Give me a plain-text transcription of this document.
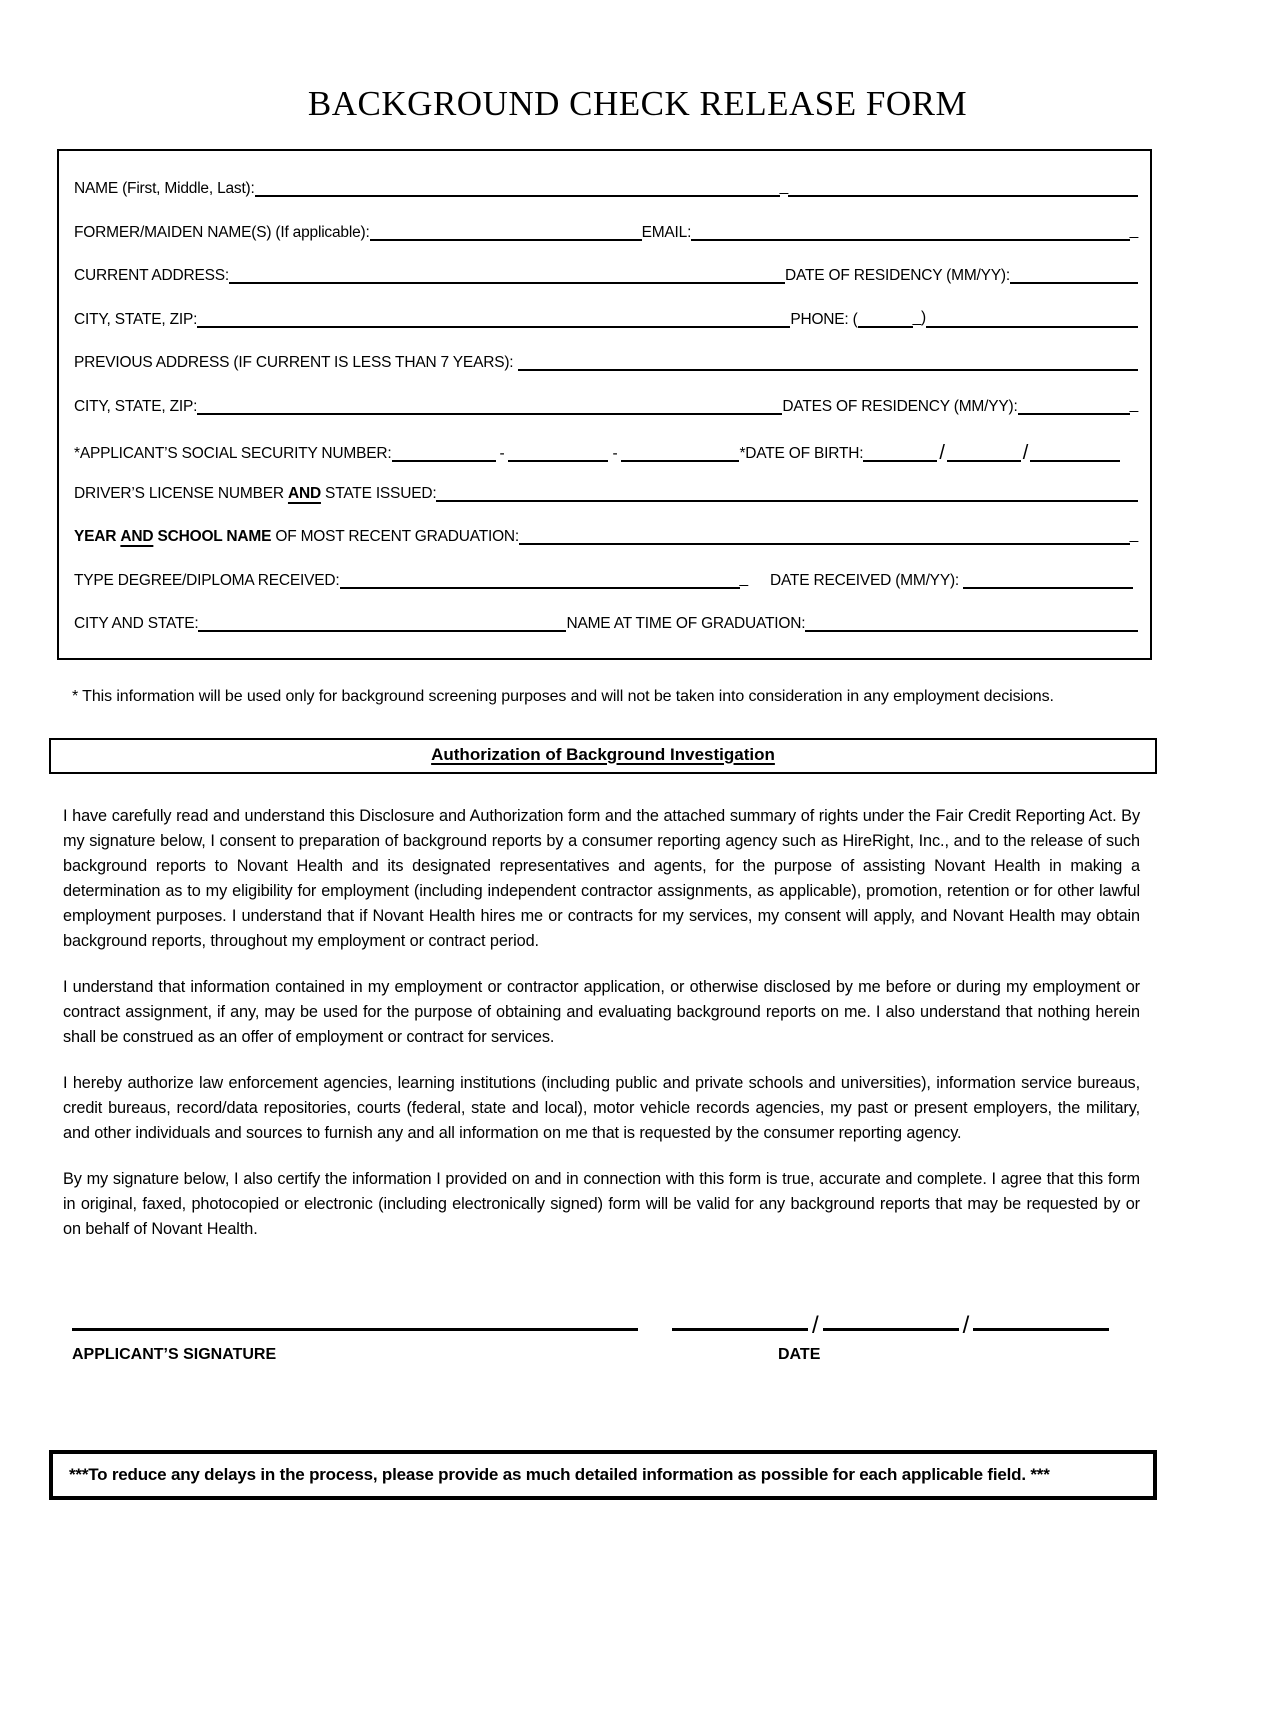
BACKGROUND CHECK RELEASE FORM
NAME (First, Middle, Last):	_
FORMER/MAIDEN NAME(S) (If applicable):	EMAIL:	_
CURRENT ADDRESS:	DATE OF RESIDENCY (MM/YY):
CITY, STATE, ZIP:	PHONE: (	_)
PREVIOUS ADDRESS (IF CURRENT IS LESS THAN 7 YEARS):
CITY, STATE, ZIP:	DATES OF RESIDENCY (MM/YY):	_
*APPLICANT’S SOCIAL SECURITY NUMBER:	-	-	*DATE OF BIRTH:	/	/
DRIVER’S LICENSE NUMBER AND STATE ISSUED:
YEAR AND SCHOOL NAME OF MOST RECENT GRADUATION:	_
TYPE DEGREE/DIPLOMA RECEIVED:	_ DATE RECEIVED (MM/YY):
CITY AND STATE:	NAME AT TIME OF GRADUATION:

* This information will be used only for background screening purposes and will not be taken into consideration in any employment decisions.

Authorization of Background Investigation

I have carefully read and understand this Disclosure and Authorization form and the attached summary of rights under the Fair Credit Reporting Act. By my signature below, I consent to preparation of background reports by a consumer reporting agency such as HireRight, Inc., and to the release of such background reports to Novant Health and its designated representatives and agents, for the purpose of assisting Novant Health in making a determination as to my eligibility for employment (including independent contractor assignments, as applicable), promotion, retention or for other lawful employment purposes. I understand that if Novant Health hires me or contracts for my services, my consent will apply, and Novant Health may obtain background reports, throughout my employment or contract period.

I understand that information contained in my employment or contractor application, or otherwise disclosed by me before or during my employment or contract assignment, if any, may be used for the purpose of obtaining and evaluating background reports on me. I also understand that nothing herein shall be construed as an offer of employment or contract for services.

I hereby authorize law enforcement agencies, learning institutions (including public and private schools and universities), information service bureaus, credit bureaus, record/data repositories, courts (federal, state and local), motor vehicle records agencies, my past or present employers, the military, and other individuals and sources to furnish any and all information on me that is requested by the consumer reporting agency.

By my signature below, I also certify the information I provided on and in connection with this form is true, accurate and complete. I agree that this form in original, faxed, photocopied or electronic (including electronically signed) form will be valid for any background reports that may be requested by or on behalf of Novant Health.

/	/
APPLICANT’S SIGNATURE	DATE
***To reduce any delays in the process, please provide as much detailed information as possible for each applicable field. ***
